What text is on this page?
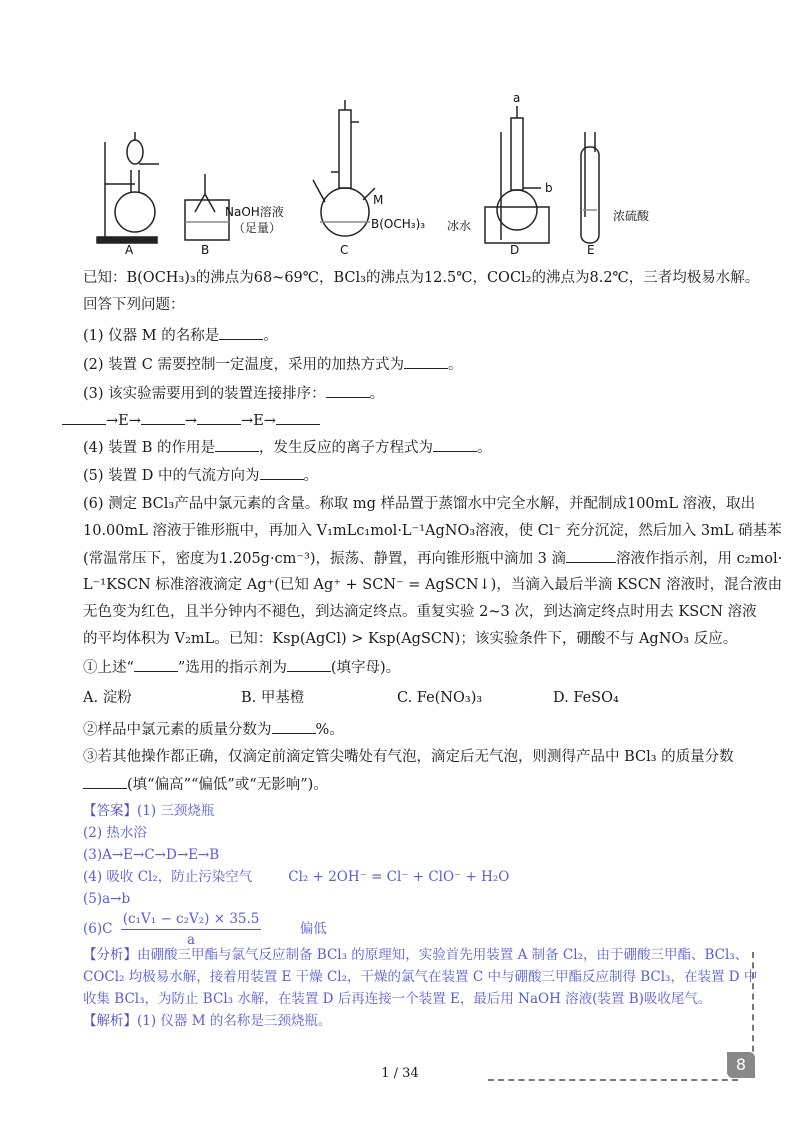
A	B	C	D	E
a
b
M
NaOH溶液
（足量）	B(OCH₃)₃ 冰水
浓硫酸
已知：B(OCH₃)₃的沸点为68~69℃，BCl₃的沸点为12.5℃，COCl₂的沸点为8.2℃，三者均极易水解。
回答下列问题：
(1) 仪器 M 的名称是	。
(2) 装置 C 需要控制一定温度，采用的加热方式为	。
(3) 该实验需要用到的装置连接排序：	。
→E→	→	→E→
(4) 装置 B 的作用是	，发生反应的离子方程式为	。
(5) 装置 D 中的气流方向为	。
(6) 测定 BCl₃产品中氯元素的含量。称取 mg 样品置于蒸馏水中完全水解，并配制成100mL 溶液，取出
10.00mL 溶液于锥形瓶中，再加入 V₁mLc₁mol·L⁻¹AgNO₃溶液，使 Cl⁻ 充分沉淀，然后加入 3mL 硝基苯
(常温常压下，密度为1.205g·cm⁻³)，振荡、静置，再向锥形瓶中滴加 3 滴	溶液作指示剂，用 c₂mol·
L⁻¹KSCN 标准溶液滴定 Ag⁺(已知 Ag⁺ + SCN⁻ = AgSCN↓)，当滴入最后半滴 KSCN 溶液时，混合液由
无色变为红色，且半分钟内不褪色，到达滴定终点。重复实验 2~3 次，到达滴定终点时用去 KSCN 溶液
的平均体积为 V₂mL。已知：Ksp(AgCl) > Ksp(AgSCN)；该实验条件下，硼酸不与 AgNO₃ 反应。
①上述“	”选用的指示剂为	(填字母)。
A. 淀粉	B. 甲基橙	C. Fe(NO₃)₃	D. FeSO₄
②样品中氯元素的质量分数为	%。
③若其他操作都正确，仅滴定前滴定管尖嘴处有气泡，滴定后无气泡，则测得产品中 BCl₃ 的质量分数
(填“偏高”“偏低”或“无影响”)。
【答案】(1) 三颈烧瓶
(2) 热水浴
(3)A→E→C→D→E→B
(4) 吸收 Cl₂，防止污染空气	Cl₂ + 2OH⁻ = Cl⁻ + ClO⁻ + H₂O
(5)a→b
$(6)C \frac{\text{(c₁V₁ − c₂V₂) × 35.5}}{a}$	偏低
【分析】由硼酸三甲酯与氯气反应制备 BCl₃ 的原理知，实验首先用装置 A 制备 Cl₂，由于硼酸三甲酯、BCl₃、
COCl₂ 均极易水解，接着用装置 E 干燥 Cl₂，干燥的氯气在装置 C 中与硼酸三甲酯反应制得 BCl₃，在装置 D 中
收集 BCl₃，为防止 BCl₃ 水解，在装置 D 后再连接一个装置 E，最后用 NaOH 溶液(装置 B)吸收尾气。
【解析】(1) 仪器 M 的名称是三颈烧瓶。
8
1 / 34
